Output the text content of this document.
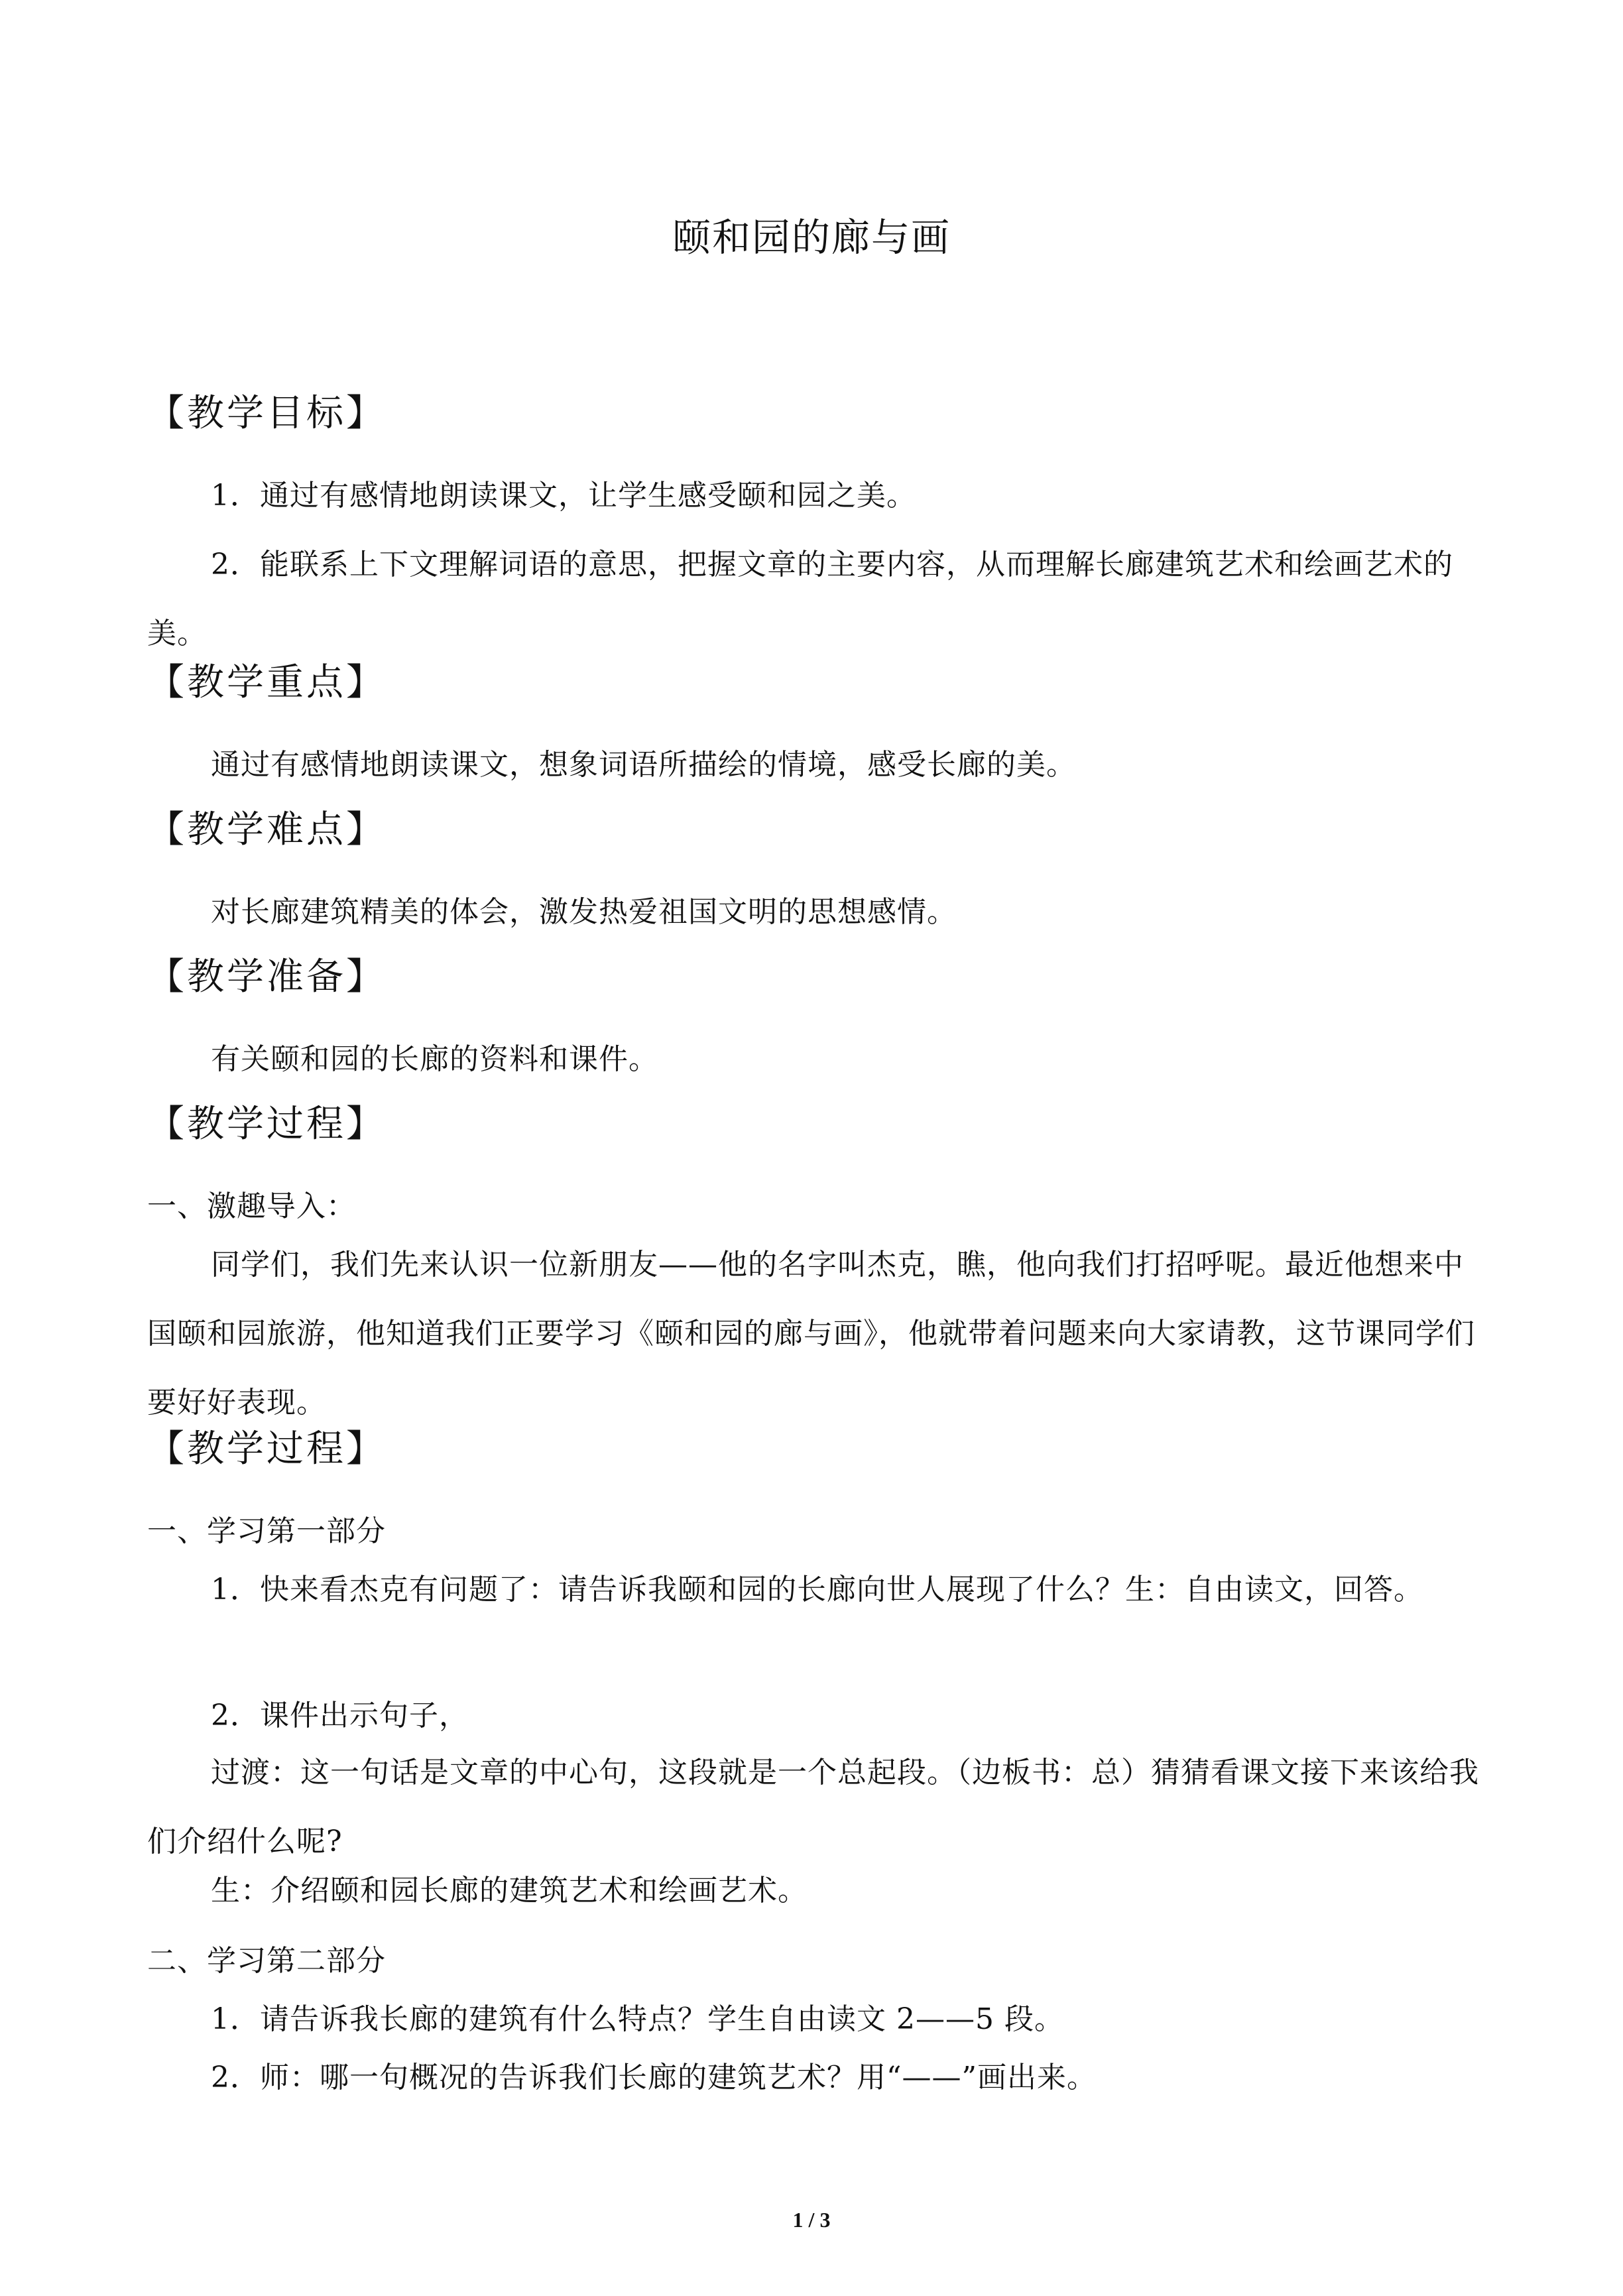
颐和园的廊与画
【教学目标】

1．通过有感情地朗读课文，让学生感受颐和园之美。

2．能联系上下文理解词语的意思，把握文章的主要内容，从而理解长廊建筑艺术和绘画艺术的美。

【教学重点】

通过有感情地朗读课文，想象词语所描绘的情境，感受长廊的美。

【教学难点】

对长廊建筑精美的体会，激发热爱祖国文明的思想感情。

【教学准备】

有关颐和园的长廊的资料和课件。

【教学过程】

一、激趣导入：

同学们，我们先来认识一位新朋友——他的名字叫杰克，瞧，他向我们打招呼呢。最近他想来中国颐和园旅游，他知道我们正要学习《颐和园的廊与画》，他就带着问题来向大家请教，这节课同学们要好好表现。

【教学过程】

一、学习第一部分

1．快来看杰克有问题了：请告诉我颐和园的长廊向世人展现了什么？生：自由读文，回答。

2．课件出示句子，

过渡：这一句话是文章的中心句，这段就是一个总起段。（边板书：总）猜猜看课文接下来该给我们介绍什么呢?

生：介绍颐和园长廊的建筑艺术和绘画艺术。

二、学习第二部分

1．请告诉我长廊的建筑有什么特点？学生自由读文 2——5 段。

2．师：哪一句概况的告诉我们长廊的建筑艺术？用“——”画出来。

1 / 3
